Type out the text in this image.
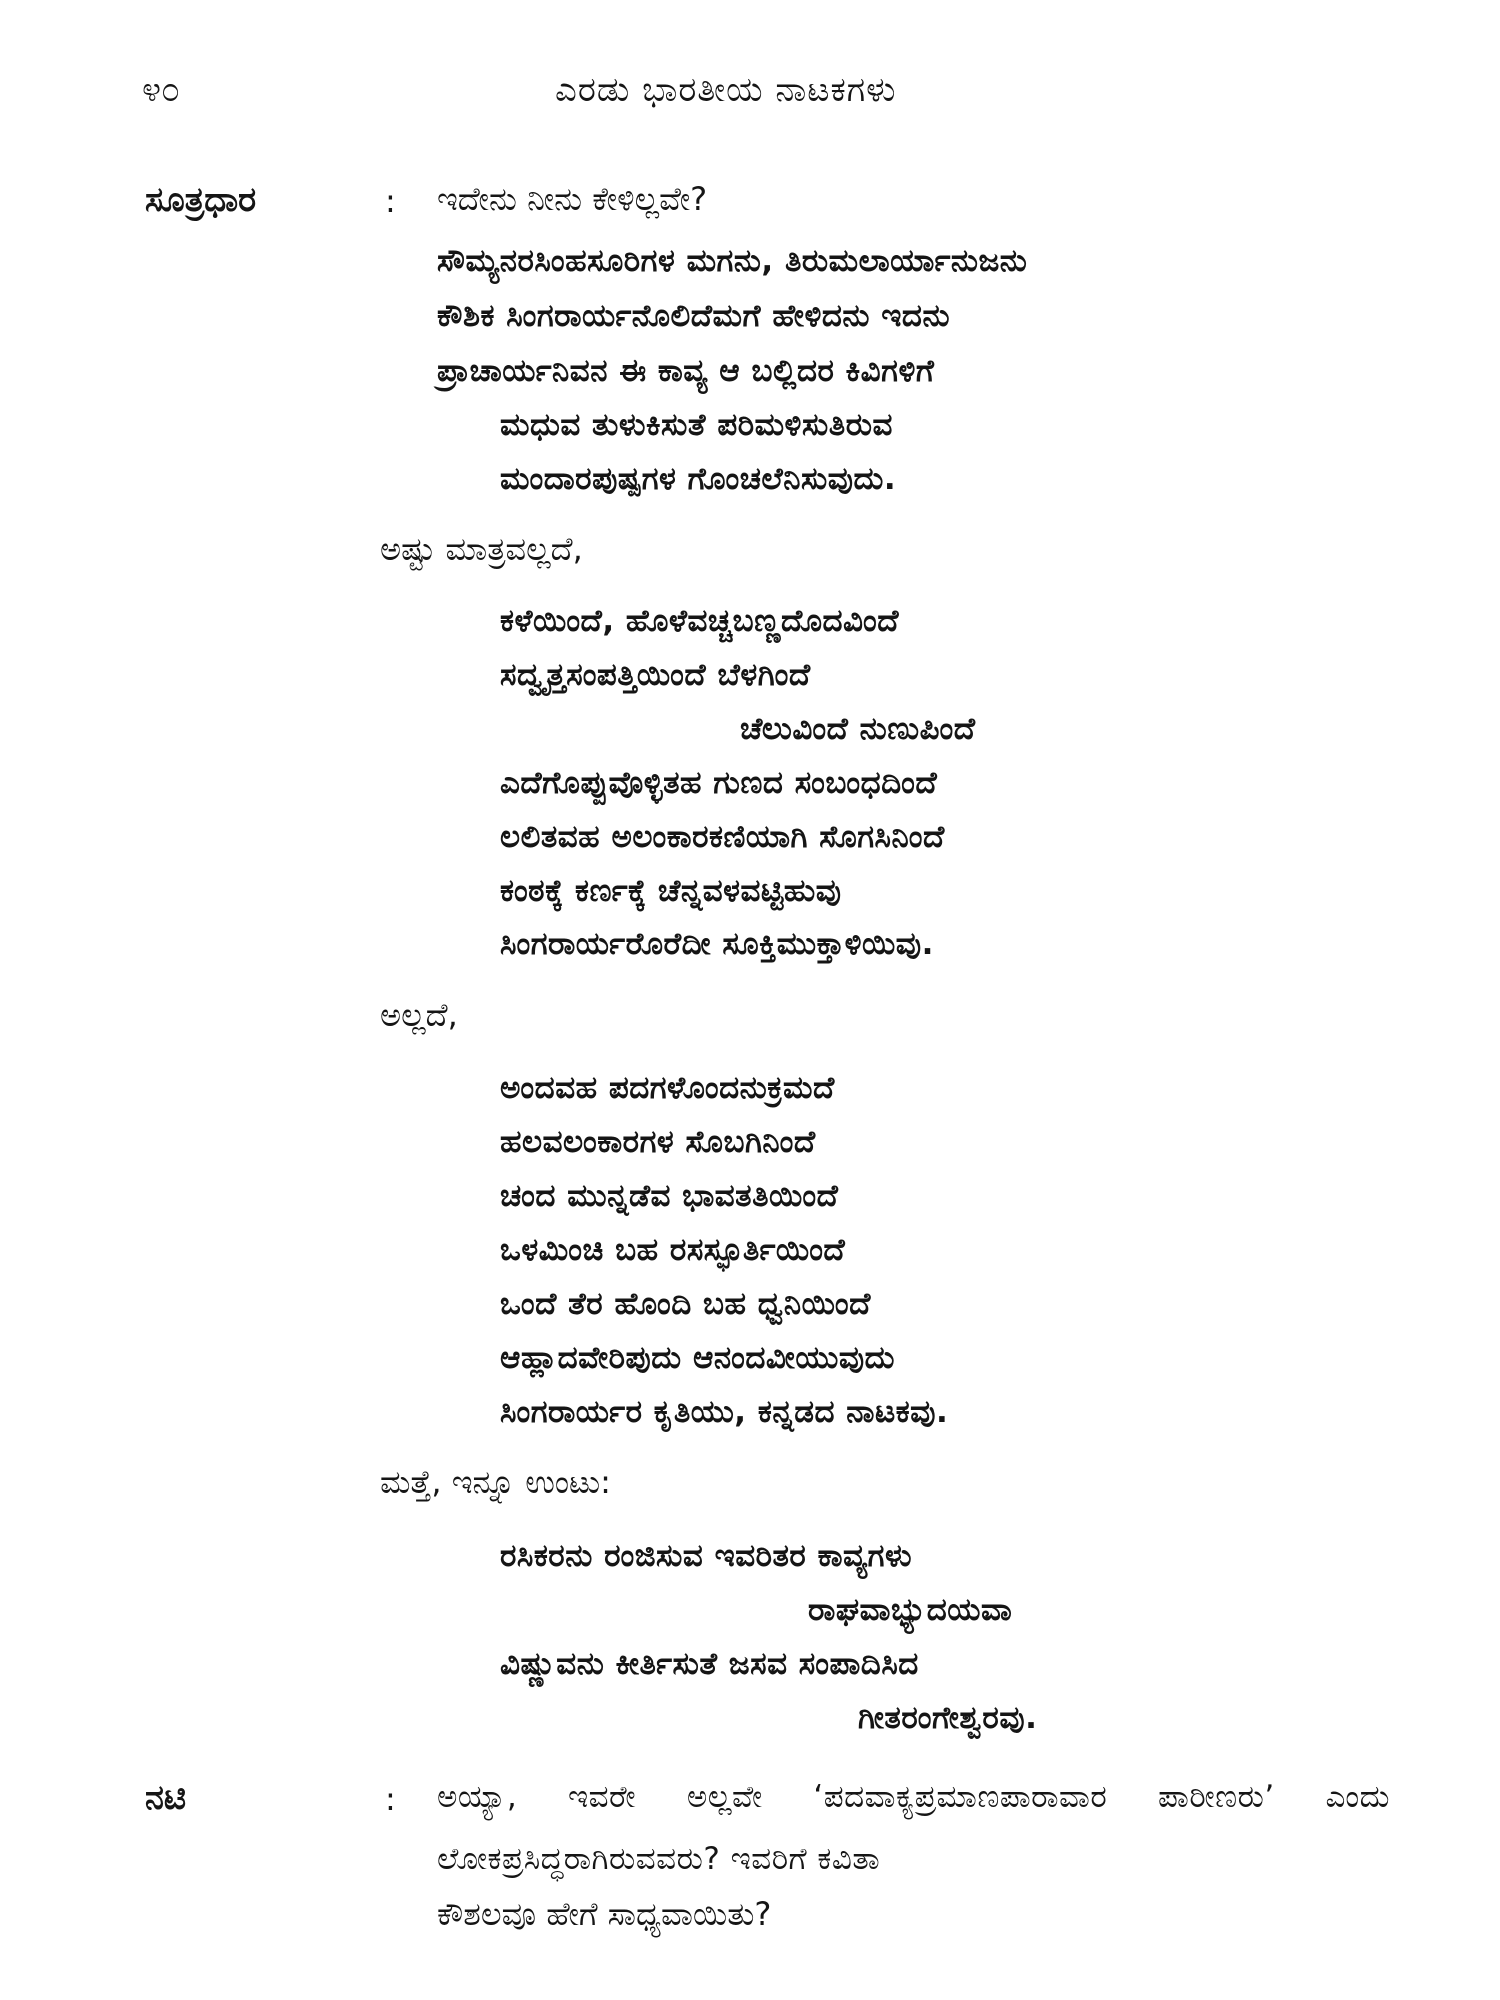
೪೦	ಎರಡು ಭಾರತೀಯ ನಾಟಕಗಳು
ಸೂತ್ರಧಾರ	: ಇದೇನು ನೀನು ಕೇಳಿಲ್ಲವೇ?
ಸೌಮ್ಯನರಸಿಂಹಸೂರಿಗಳ ಮಗನು, ತಿರುಮಲಾರ್ಯಾನುಜನು
ಕೌಶಿಕ ಸಿಂಗರಾರ್ಯನೊಲಿದೆಮಗೆ ಹೇಳಿದನು ಇದನು
ಪ್ರಾಚಾರ್ಯನಿವನ ಈ ಕಾವ್ಯ ಆ ಬಲ್ಲಿದರ ಕಿವಿಗಳಿಗೆ
ಮಧುವ ತುಳುಕಿಸುತೆ ಪರಿಮಳಿಸುತಿರುವ
ಮಂದಾರಪುಷ್ಪಗಳ ಗೊಂಚಲೆನಿಸುವುದು.
ಅಷ್ಟು ಮಾತ್ರವಲ್ಲದೆ,
ಕಳೆಯಿಂದೆ, ಹೊಳೆವಚ್ಚಬಣ್ಣದೊದವಿಂದೆ
ಸದ್ವೃತ್ತಸಂಪತ್ತಿಯಿಂದೆ ಬೆಳಗಿಂದೆ
ಚೆಲುವಿಂದೆ ನುಣುಪಿಂದೆ
ಎದೆಗೊಪ್ಪುವೊಳ್ಳಿತಹ ಗುಣದ ಸಂಬಂಧದಿಂದೆ
ಲಲಿತವಹ ಅಲಂಕಾರಕಣಿಯಾಗಿ ಸೊಗಸಿನಿಂದೆ
ಕಂಠಕ್ಕೆ ಕರ್ಣಕ್ಕೆ ಚೆನ್ನವಳವಟ್ಟಿಹುವು
ಸಿಂಗರಾರ್ಯರೊರೆದೀ ಸೂಕ್ತಿಮುಕ್ತಾಳಿಯಿವು.
ಅಲ್ಲದೆ,
ಅಂದವಹ ಪದಗಳೊಂದನುಕ್ರಮದೆ
ಹಲವಲಂಕಾರಗಳ ಸೊಬಗಿನಿಂದೆ
ಚಂದ ಮುನ್ನಡೆವ ಭಾವತತಿಯಿಂದೆ
ಒಳಮಿಂಚಿ ಬಹ ರಸಸ್ಫೂರ್ತಿಯಿಂದೆ
ಒಂದೆ ತೆರ ಹೊಂದಿ ಬಹ ಧ್ವನಿಯಿಂದೆ
ಆಹ್ಲಾದವೇರಿಪುದು ಆನಂದವೀಯುವುದು
ಸಿಂಗರಾರ್ಯರ ಕೃತಿಯು, ಕನ್ನಡದ ನಾಟಕವು.
ಮತ್ತೆ, ಇನ್ನೂ ಉಂಟು:
ರಸಿಕರನು ರಂಜಿಸುವ ಇವರಿತರ ಕಾವ್ಯಗಳು
ರಾಘವಾಭ್ಯುದಯವಾ
ವಿಷ್ಣುವನು ಕೀರ್ತಿಸುತೆ ಜಸವ ಸಂಪಾದಿಸಿದ
ಗೀತರಂಗೇಶ್ವರವು.
ನಟಿ	: ಅಯ್ಯಾ, ಇವರೇ ಅಲ್ಲವೇ ‘ಪದವಾಕ್ಯಪ್ರಮಾಣಪಾರಾವಾರ ಪಾರೀಣರು’ ಎಂದು ಲೋಕಪ್ರಸಿದ್ಧರಾಗಿರುವವರು? ಇವರಿಗೆ ಕವಿತಾ
ಕೌಶಲವೂ ಹೇಗೆ ಸಾಧ್ಯವಾಯಿತು?
